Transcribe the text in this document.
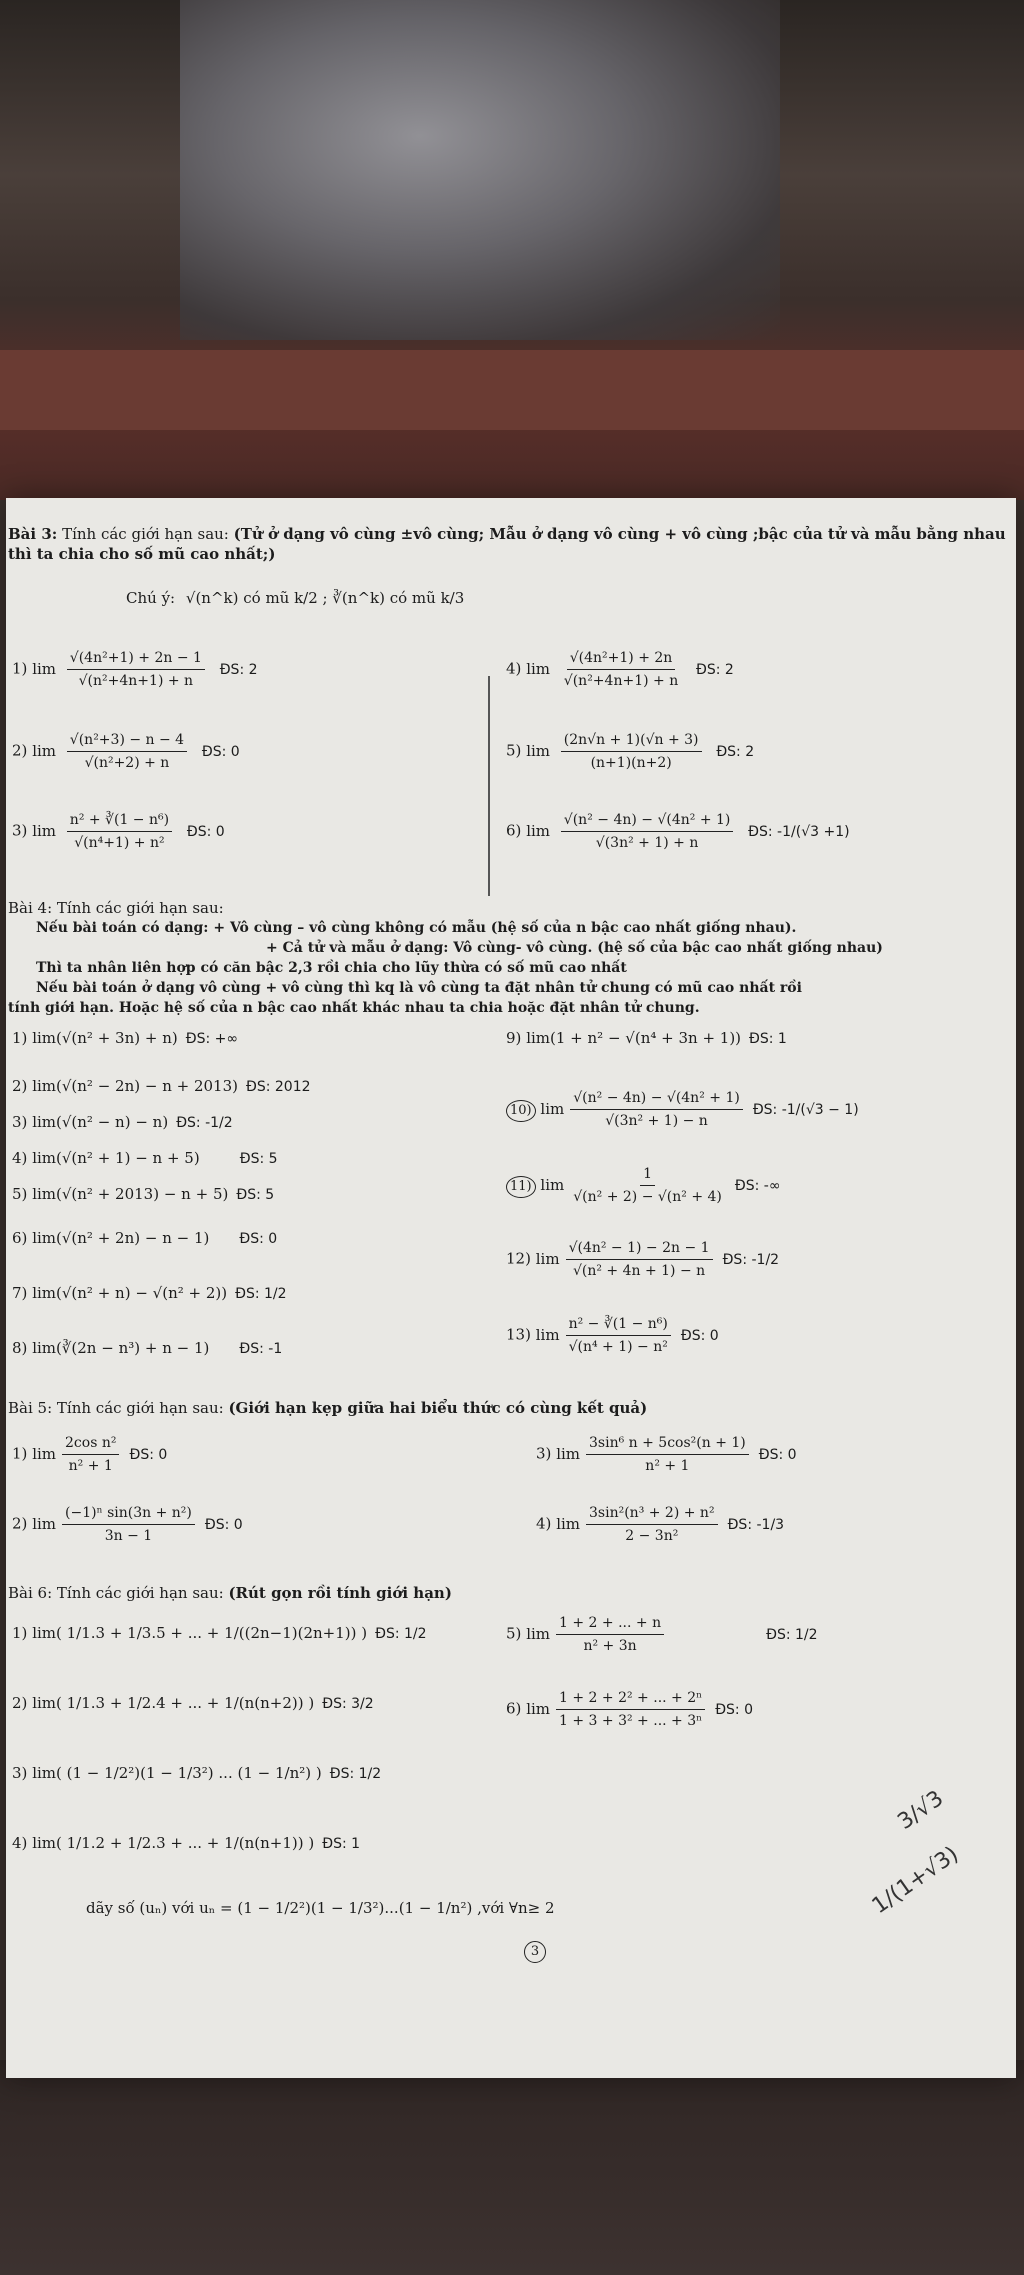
Bài 3: Tính các giới hạn sau: (Tử ở dạng vô cùng ±vô cùng; Mẫu ở dạng vô cùng + vô cùng ;bậc của tử và mẫu bằng nhau thì ta chia cho số mũ cao nhất;)
Chú ý: √(n^k) có mũ k/2 ; ∛(n^k) có mũ k/3
1) $\lim \frac{\text{√(4n²+1) + 2n − 1}}{\text{√(n²+4n+1) + n}}$ ĐS: 2
2) $\lim \frac{\text{√(n²+3) − n − 4}}{\text{√(n²+2) + n}}$ ĐS: 0
3) $\lim \frac{\text{n² + ∛(1 − n⁶)}}{\text{√(n⁴+1) + n²}}$ ĐS: 0
4) $\lim \frac{\text{√(4n²+1) + 2n}}{\text{√(n²+4n+1) + n}}$ ĐS: 2
5) $\lim \frac{(2n√n + 1)(√n + 3)}{(n+1)(n+2)}$ ĐS: 2
6) $\lim \frac{\text{√(n² − 4n) − √(4n² + 1)}}{\text{√(3n² + 1) + n}}$ ĐS: -1/(√3 +1)
Bài 4: Tính các giới hạn sau:
Nếu bài toán có dạng: + Vô cùng – vô cùng không có mẫu (hệ số của n bậc cao nhất giống nhau).
+ Cả tử và mẫu ở dạng: Vô cùng- vô cùng. (hệ số của bậc cao nhất giống nhau)
Thì ta nhân liên hợp có căn bậc 2,3 rồi chia cho lũy thừa có số mũ cao nhất
Nếu bài toán ở dạng vô cùng + vô cùng thì kq là vô cùng ta đặt nhân tử chung có mũ cao nhất rồi
tính giới hạn. Hoặc hệ số của n bậc cao nhất khác nhau ta chia hoặc đặt nhân tử chung.
1) lim(√(n² + 3n) + n) ĐS: +∞
2) lim(√(n² − 2n) − n + 2013) ĐS: 2012
3) lim(√(n² − n) − n) ĐS: -1/2
4) lim(√(n² + 1) − n + 5)	ĐS: 5
5) lim(√(n² + 2013) − n + 5) ĐS: 5
6) lim(√(n² + 2n) − n − 1) ĐS: 0
7) lim(√(n² + n) − √(n² + 2)) ĐS: 1/2
8) lim(∛(2n − n³) + n − 1) ĐS: -1
9) lim(1 + n² − √(n⁴ + 3n + 1)) ĐS: 1
10) $\lim \frac{\text{√(n² − 4n) − √(4n² + 1)}}{\text{√(3n² + 1) − n}}$ ĐS: -1/(√3 − 1)
11) $\lim \frac{1}{\text{√(n² + 2) − √(n² + 4)}}$ ĐS: -∞
12) $\lim \frac{\text{√(4n² − 1) − 2n − 1}}{\text{√(n² + 4n + 1) − n}}$ ĐS: -1/2
13) $\lim \frac{\text{n² − ∛(1 − n⁶)}}{\text{√(n⁴ + 1) − n²}}$ ĐS: 0
Bài 5: Tính các giới hạn sau: (Giới hạn kẹp giữa hai biểu thức có cùng kết quả)
1) $\lim \frac{\text{2cos n²}}{\text{n² + 1}}$ ĐS: 0
2) $\lim \frac{\text{(−1)ⁿ sin(3n + n²)}}{3n - 1}$ ĐS: 0
3) $\lim \frac{\text{3sin⁶ n + 5cos²(n + 1)}}{\text{n² + 1}}$ ĐS: 0
4) $\lim \frac{\text{3sin²(n³ + 2) + n²}}{\text{2 − 3n²}}$ ĐS: -1/3
Bài 6: Tính các giới hạn sau: (Rút gọn rồi tính giới hạn)
1) lim( 1/1.3 + 1/3.5 + ... + 1/((2n−1)(2n+1)) ) ĐS: 1/2
2) lim( 1/1.3 + 1/2.4 + ... + 1/(n(n+2)) ) ĐS: 3/2
3) lim( (1 − 1/2²)(1 − 1/3²) ... (1 − 1/n²) ) ĐS: 1/2
4) lim( 1/1.2 + 1/2.3 + ... + 1/(n(n+1)) ) ĐS: 1
5) $\lim \frac{1 + 2 + ... + n}{\text{n² + 3n}}$	ĐS: 1/2
6) $\lim \frac{\text{1 + 2 + 2² + ... + 2ⁿ}}{\text{1 + 3 + 3² + ... + 3ⁿ}}$ ĐS: 0
dãy số (uₙ) với uₙ = (1 − 1/2²)(1 − 1/3²)...(1 − 1/n²) ,với ∀n≥ 2
3
3/√3
1/(1+√3)
